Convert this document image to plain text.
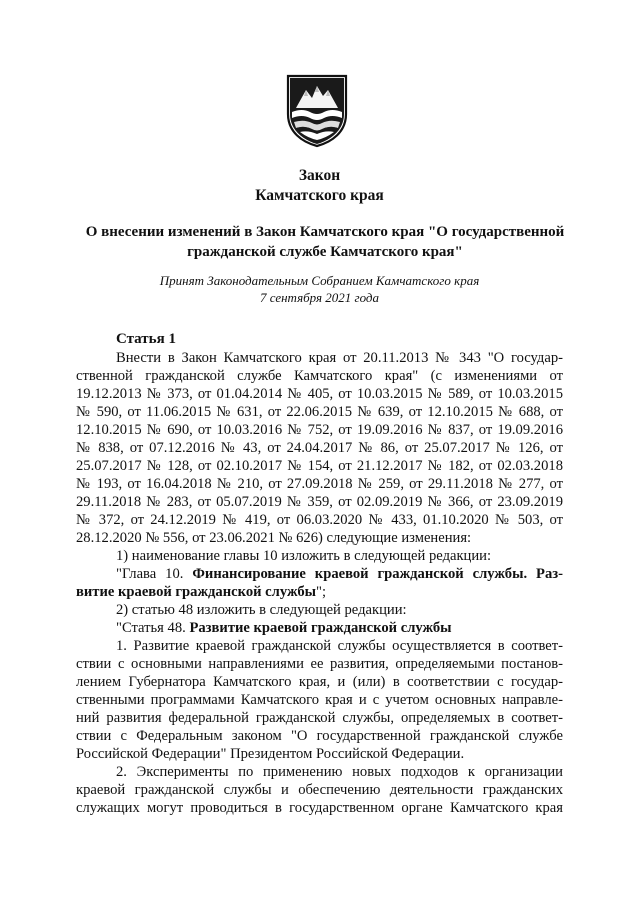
Закон
Камчатского края
О внесении изменений в Закон Камчатского края "О государственной
гражданской службе Камчатского края"
Принят Законодательным Собранием Камчатского края
7 сентября 2021 года
Статья 1
Внести в Закон Камчатского края от 20.11.2013 № 343 "О государ-
ственной гражданской службе Камчатского края" (с изменениями от
19.12.2013 № 373, от 01.04.2014 № 405, от 10.03.2015 № 589, от 10.03.2015
№ 590, от 11.06.2015 № 631, от 22.06.2015 № 639, от 12.10.2015 № 688, от
12.10.2015 № 690, от 10.03.2016 № 752, от 19.09.2016 № 837, от 19.09.2016
№ 838, от 07.12.2016 № 43, от 24.04.2017 № 86, от 25.07.2017 № 126, от
25.07.2017 № 128, от 02.10.2017 № 154, от 21.12.2017 № 182, от 02.03.2018
№ 193, от 16.04.2018 № 210, от 27.09.2018 № 259, от 29.11.2018 № 277, от
29.11.2018 № 283, от 05.07.2019 № 359, от 02.09.2019 № 366, от 23.09.2019
№ 372, от 24.12.2019 № 419, от 06.03.2020 № 433, 01.10.2020 № 503, от
28.12.2020 № 556, от 23.06.2021 № 626) следующие изменения:
1) наименование главы 10 изложить в следующей редакции:
"Глава 10. Финансирование краевой гражданской службы. Раз-
витие краевой гражданской службы";
2) статью 48 изложить в следующей редакции:
"Статья 48. Развитие краевой гражданской службы
1. Развитие краевой гражданской службы осуществляется в соответ-
ствии с основными направлениями ее развития, определяемыми постанов-
лением Губернатора Камчатского края, и (или) в соответствии с государ-
ственными программами Камчатского края и с учетом основных направле-
ний развития федеральной гражданской службы, определяемых в соответ-
ствии с Федеральным законом "О государственной гражданской службе
Российской Федерации" Президентом Российской Федерации.
2. Эксперименты по применению новых подходов к организации
краевой гражданской службы и обеспечению деятельности гражданских
служащих могут проводиться в государственном органе Камчатского края
